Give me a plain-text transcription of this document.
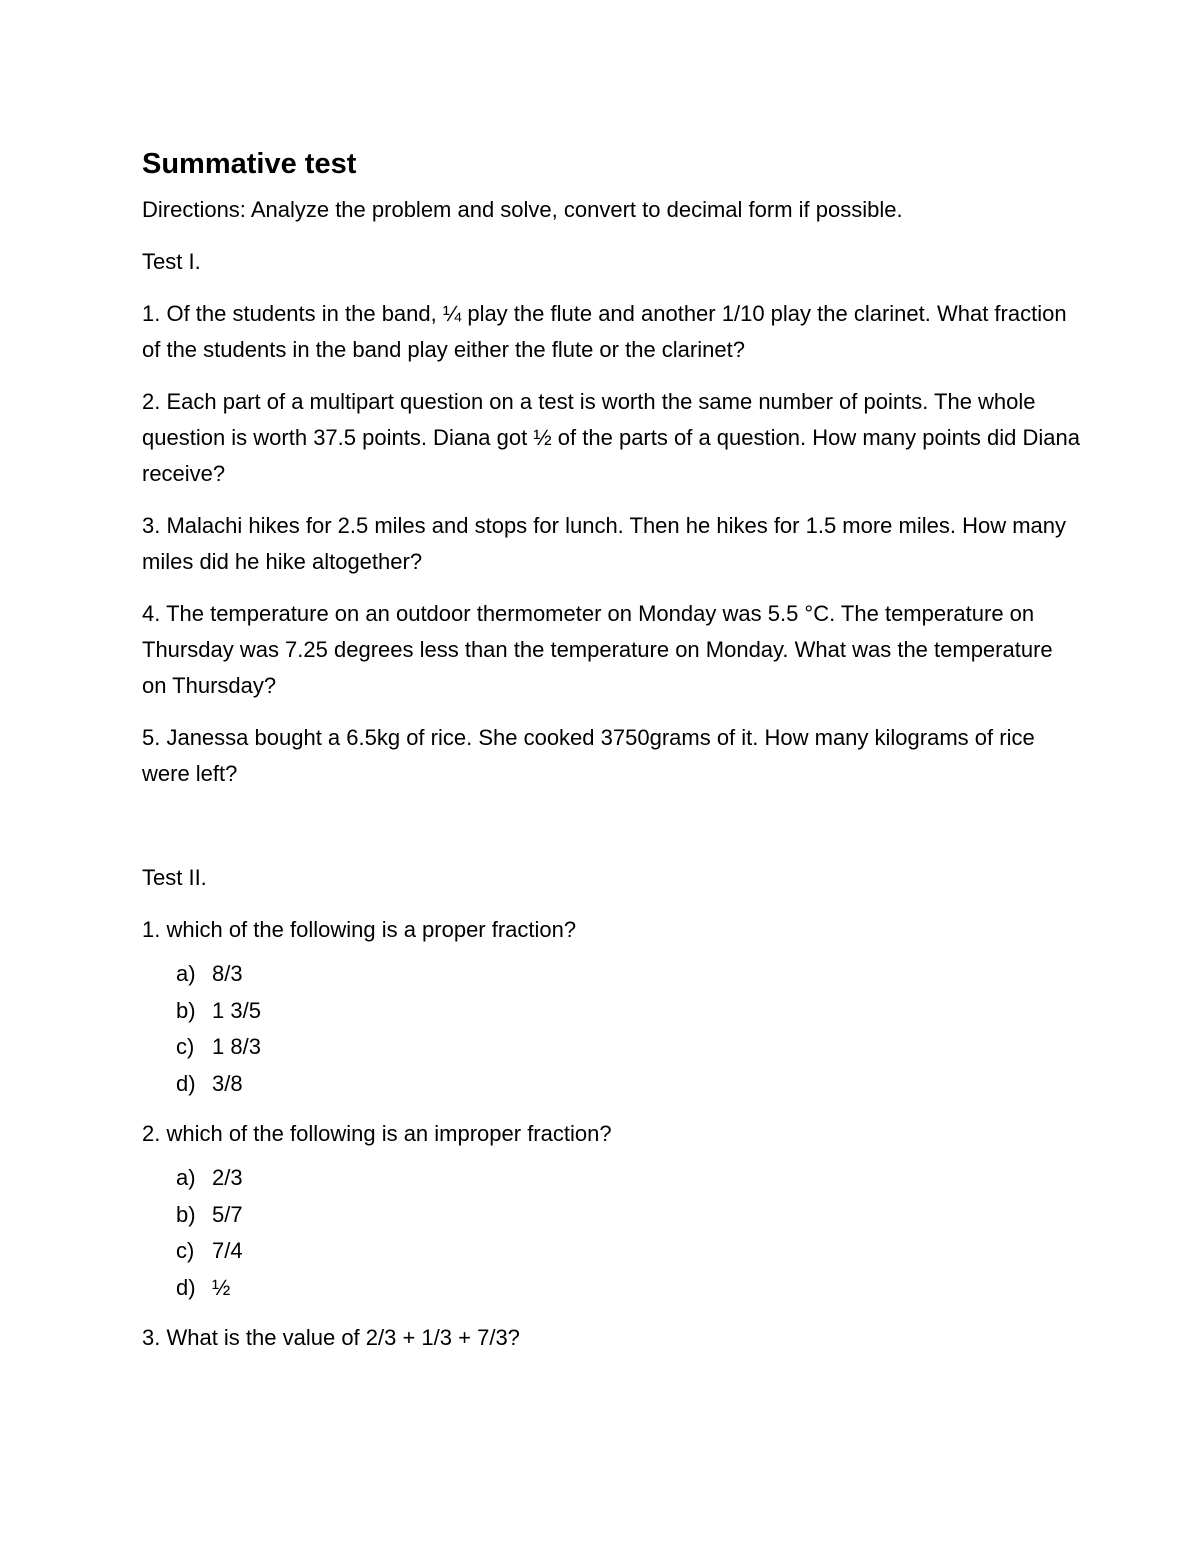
Summative test

Directions: Analyze the problem and solve, convert to decimal form if possible.

Test I.

1. Of the students in the band, ¼ play the flute and another 1/10 play the clarinet. What fraction of the students in the band play either the flute or the clarinet?

2. Each part of a multipart question on a test is worth the same number of points. The whole question is worth 37.5 points. Diana got ½ of the parts of a question. How many points did Diana receive?

3. Malachi hikes for 2.5 miles and stops for lunch. Then he hikes for 1.5 more miles. How many miles did he hike altogether?

4. The temperature on an outdoor thermometer on Monday was 5.5 °C. The temperature on Thursday was 7.25 degrees less than the temperature on Monday. What was the temperature on Thursday?

5. Janessa bought a 6.5kg of rice. She cooked 3750grams of it. How many kilograms of rice were left?

Test II.

1. which of the following is a proper fraction?

a) 8/3
b) 1 3/5
c) 1 8/3
d) 3/8

2. which of the following is an improper fraction?

a) 2/3
b) 5/7
c) 7/4
d) ½

3. What is the value of 2/3 + 1/3 + 7/3?
